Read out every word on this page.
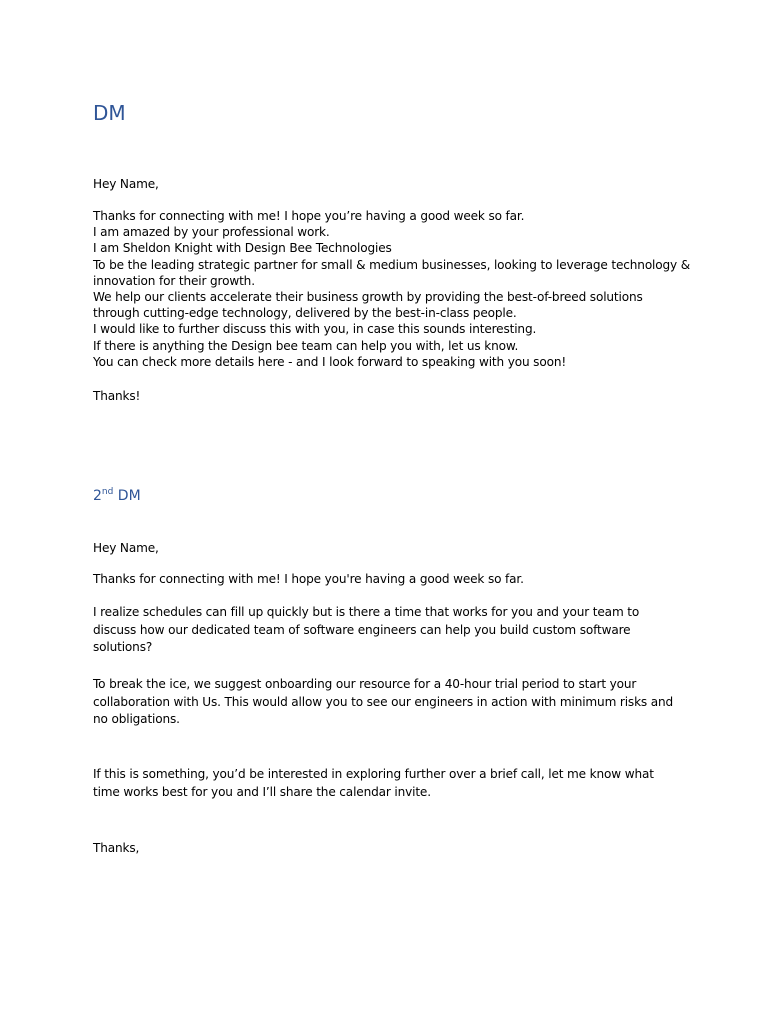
DM
Hey Name,
Thanks for connecting with me! I hope you’re having a good week so far.
I am amazed by your professional work.
I am Sheldon Knight with Design Bee Technologies
To be the leading strategic partner for small & medium businesses, looking to leverage technology &
innovation for their growth.
We help our clients accelerate their business growth by providing the best-of-breed solutions
through cutting-edge technology, delivered by the best-in-class people.
I would like to further discuss this with you, in case this sounds interesting.
If there is anything the Design bee team can help you with, let us know.
You can check more details here - and I look forward to speaking with you soon!
Thanks!
2nd DM
Hey Name,

Thanks for connecting with me! I hope you're having a good week so far.

I realize schedules can fill up quickly but is there a time that works for you and your team to discuss how our dedicated team of software engineers can help you build custom software solutions?

To break the ice, we suggest onboarding our resource for a 40-hour trial period to start your collaboration with Us. This would allow you to see our engineers in action with minimum risks and no obligations.

If this is something, you’d be interested in exploring further over a brief call, let me know what time works best for you and I’ll share the calendar invite.

Thanks,
